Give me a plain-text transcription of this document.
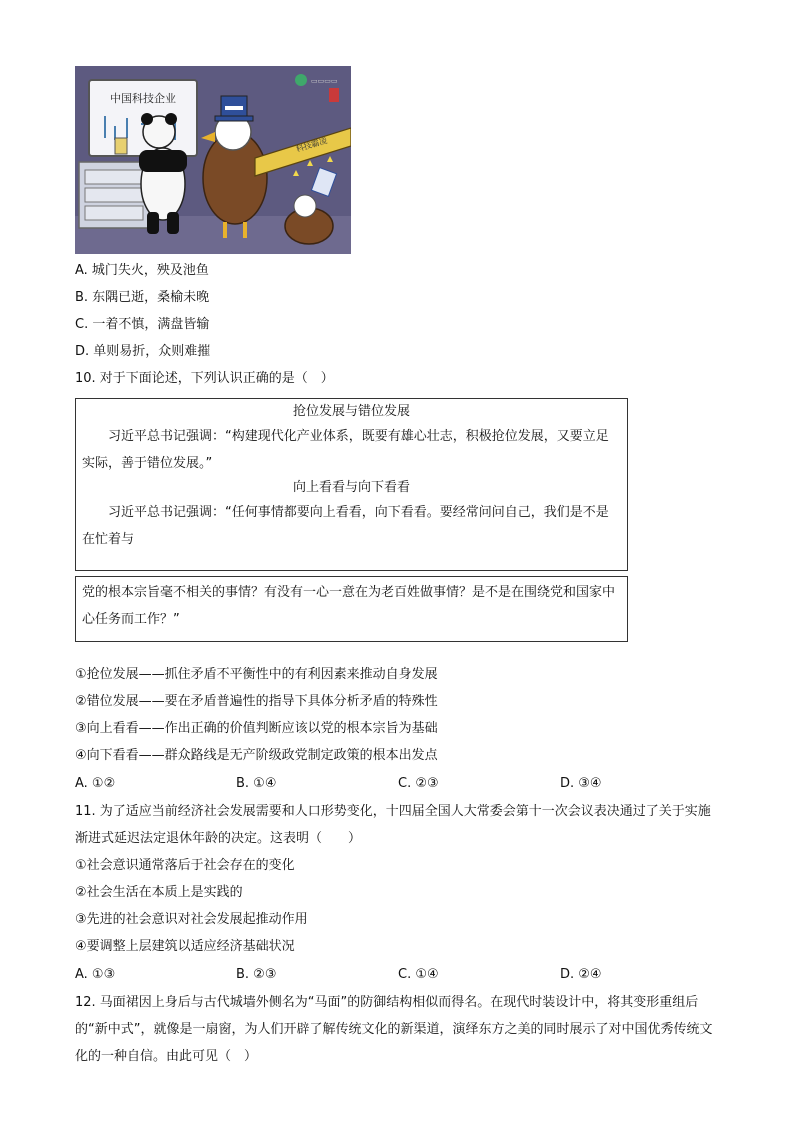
中国科技企业
科技霸凌
▭▭▭▭
A. 城门失火，殃及池鱼
B. 东隅已逝，桑榆未晚
C. 一着不慎，满盘皆输
D. 单则易折，众则难摧
10. 对于下面论述，下列认识正确的是（　）
抢位发展与错位发展
　　习近平总书记强调：“构建现代化产业体系，既要有雄心壮志，积极抢位发展，又要立足实际，善于错位发展。”
向上看看与向下看看
　　习近平总书记强调：“任何事情都要向上看看，向下看看。要经常问问自己，我们是不是在忙着与
党的根本宗旨毫不相关的事情？有没有一心一意在为老百姓做事情？是不是在围绕党和国家中心任务而工作？”
①抢位发展——抓住矛盾不平衡性中的有利因素来推动自身发展
②错位发展——要在矛盾普遍性的指导下具体分析矛盾的特殊性
③向上看看——作出正确的价值判断应该以党的根本宗旨为基础
④向下看看——群众路线是无产阶级政党制定政策的根本出发点
A. ①②	B. ①④	C. ②③	D. ③④
11. 为了适应当前经济社会发展需要和人口形势变化，十四届全国人大常委会第十一次会议表决通过了关于实施渐进式延迟法定退休年龄的决定。这表明（　　）
①社会意识通常落后于社会存在的变化
②社会生活在本质上是实践的
③先进的社会意识对社会发展起推动作用
④要调整上层建筑以适应经济基础状况
A. ①③	B. ②③	C. ①④	D. ②④
12. 马面裙因上身后与古代城墙外侧名为“马面”的防御结构相似而得名。在现代时装设计中，将其变形重组后的“新中式”，就像是一扇窗，为人们开辟了解传统文化的新渠道，演绎东方之美的同时展示了对中国优秀传统文化的一种自信。由此可见（　）
